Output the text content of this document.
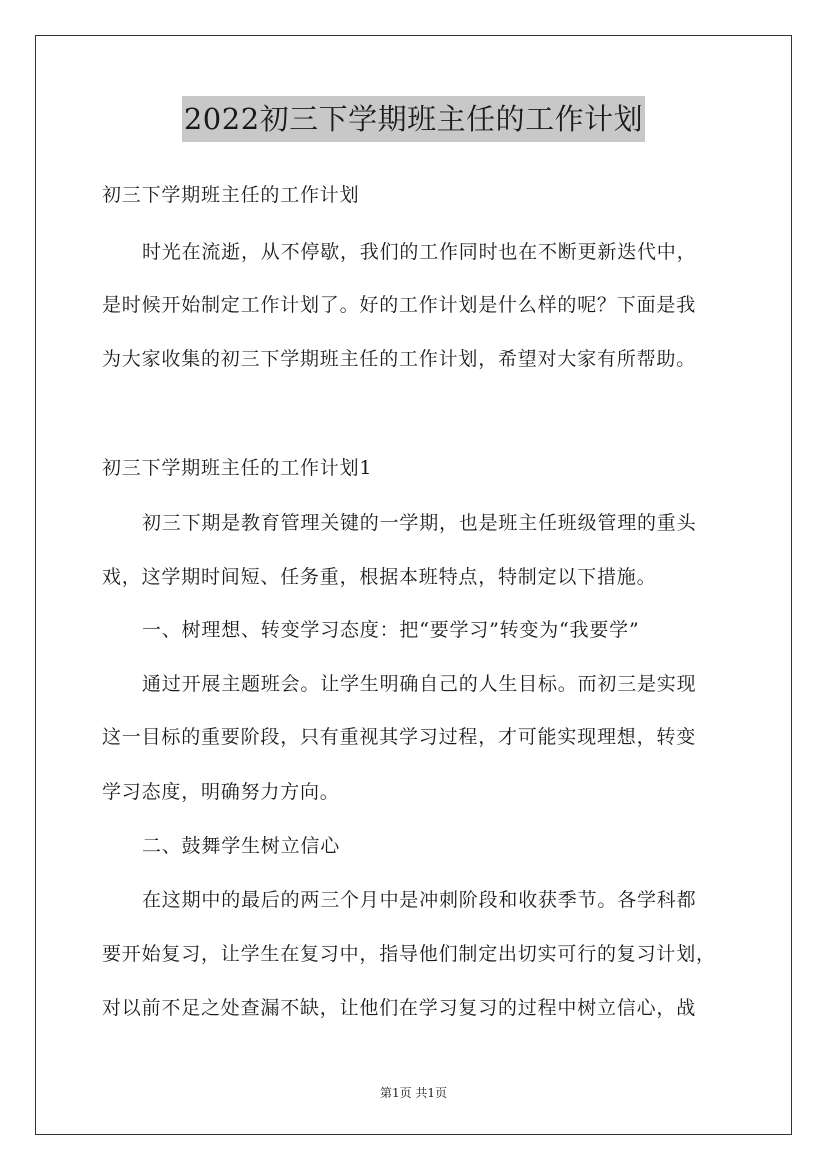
2022初三下学期班主任的工作计划
初三下学期班主任的工作计划
时光在流逝，从不停歇，我们的工作同时也在不断更新迭代中，
是时候开始制定工作计划了。好的工作计划是什么样的呢？下面是我
为大家收集的初三下学期班主任的工作计划，希望对大家有所帮助。
初三下学期班主任的工作计划1
初三下期是教育管理关键的一学期，也是班主任班级管理的重头
戏，这学期时间短、任务重，根据本班特点，特制定以下措施。
一、树理想、转变学习态度：把“要学习”转变为“我要学”
通过开展主题班会。让学生明确自己的人生目标。而初三是实现
这一目标的重要阶段，只有重视其学习过程，才可能实现理想，转变
学习态度，明确努力方向。
二、鼓舞学生树立信心
在这期中的最后的两三个月中是冲刺阶段和收获季节。各学科都
要开始复习，让学生在复习中，指导他们制定出切实可行的复习计划，
对以前不足之处查漏不缺，让他们在学习复习的过程中树立信心，战
第1页 共1页
